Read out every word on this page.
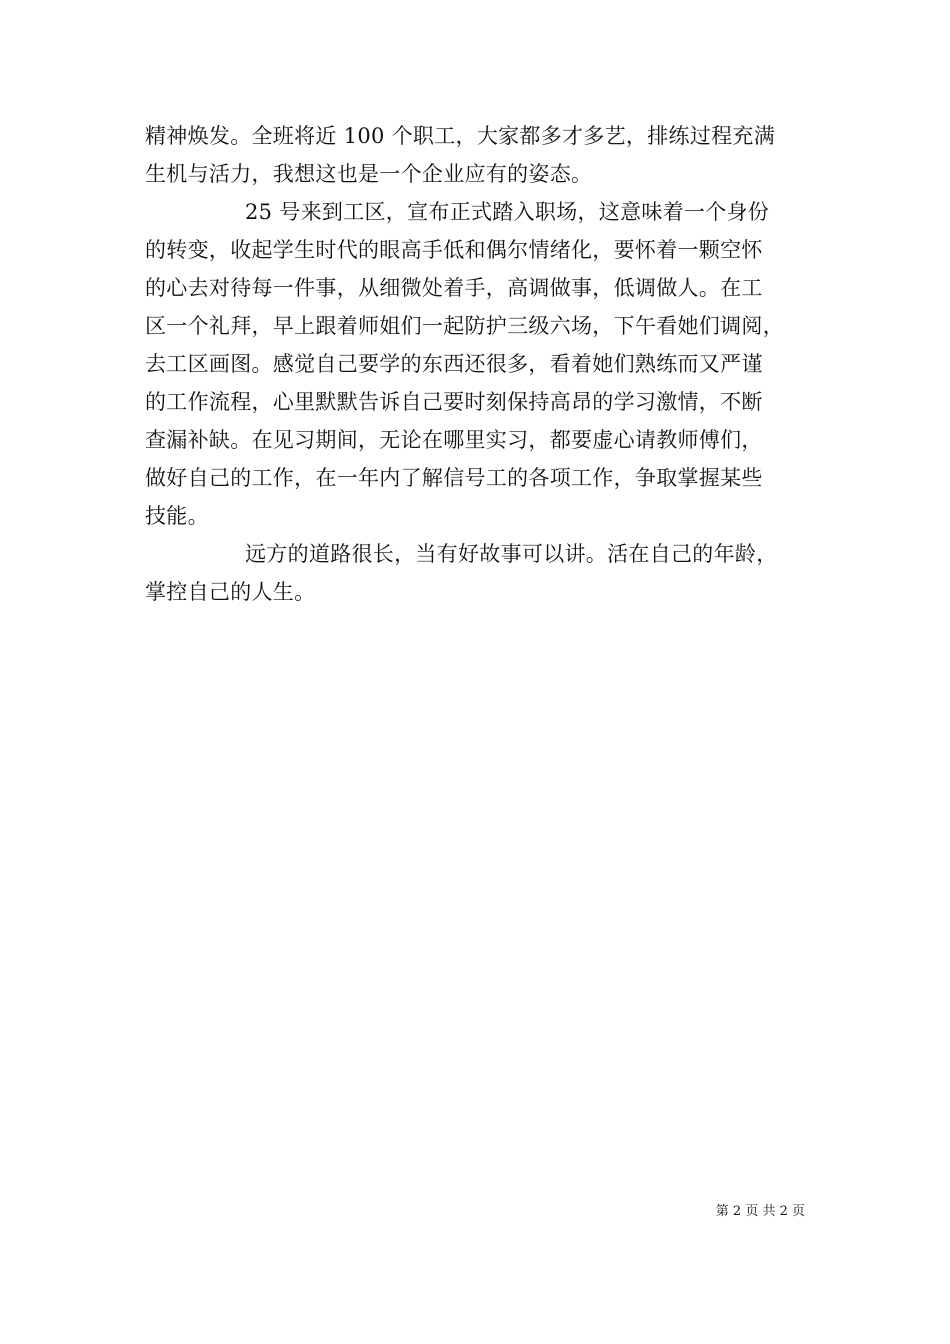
精神焕发。全班将近 100 个职工，大家都多才多艺，排练过程充满
生机与活力，我想这也是一个企业应有的姿态。
25 号来到工区，宣布正式踏入职场，这意味着一个身份
的转变，收起学生时代的眼高手低和偶尔情绪化，要怀着一颗空怀
的心去对待每一件事，从细微处着手，高调做事，低调做人。在工
区一个礼拜，早上跟着师姐们一起防护三级六场，下午看她们调阅，
去工区画图。感觉自己要学的东西还很多，看着她们熟练而又严谨
的工作流程，心里默默告诉自己要时刻保持高昂的学习激情，不断
查漏补缺。在见习期间，无论在哪里实习，都要虚心请教师傅们，
做好自己的工作，在一年内了解信号工的各项工作，争取掌握某些
技能。
远方的道路很长，当有好故事可以讲。活在自己的年龄，
掌控自己的人生。
第 2 页 共 2 页
